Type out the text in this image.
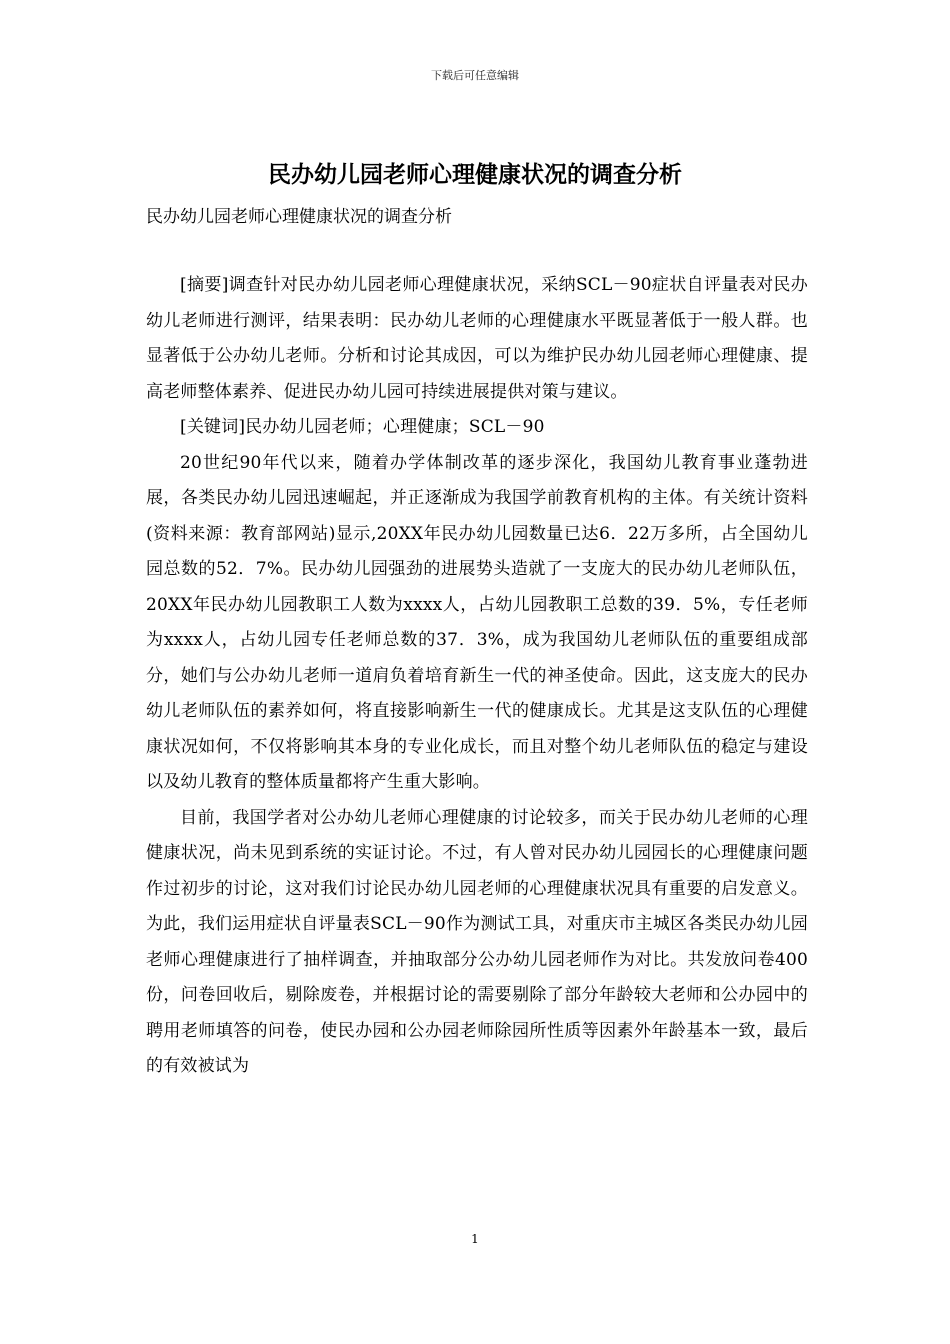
下载后可任意编辑
民办幼儿园老师心理健康状况的调查分析

民办幼儿园老师心理健康状况的调查分析

[摘要]调查针对民办幼儿园老师心理健康状况，采纳SCL－90症状自评量表对民办幼儿老师进行测评，结果表明：民办幼儿老师的心理健康水平既显著低于一般人群。也显著低于公办幼儿老师。分析和讨论其成因，可以为维护民办幼儿园老师心理健康、提高老师整体素养、促进民办幼儿园可持续进展提供对策与建议。

[关键词]民办幼儿园老师；心理健康；SCL－90

20世纪90年代以来，随着办学体制改革的逐步深化，我国幼儿教育事业蓬勃进展，各类民办幼儿园迅速崛起，并正逐渐成为我国学前教育机构的主体。有关统计资料(资料来源：教育部网站)显示,20XX年民办幼儿园数量已达6．22万多所，占全国幼儿园总数的52．7%。民办幼儿园强劲的进展势头造就了一支庞大的民办幼儿老师队伍，20XX年民办幼儿园教职工人数为xxxx人，占幼儿园教职工总数的39．5%，专任老师为xxxx人，占幼儿园专任老师总数的37．3%，成为我国幼儿老师队伍的重要组成部分，她们与公办幼儿老师一道肩负着培育新生一代的神圣使命。因此，这支庞大的民办幼儿老师队伍的素养如何，将直接影响新生一代的健康成长。尤其是这支队伍的心理健康状况如何，不仅将影响其本身的专业化成长，而且对整个幼儿老师队伍的稳定与建设以及幼儿教育的整体质量都将产生重大影响。

目前，我国学者对公办幼儿老师心理健康的讨论较多，而关于民办幼儿老师的心理健康状况，尚未见到系统的实证讨论。不过，有人曾对民办幼儿园园长的心理健康问题作过初步的讨论，这对我们讨论民办幼儿园老师的心理健康状况具有重要的启发意义。为此，我们运用症状自评量表SCL－90作为测试工具，对重庆市主城区各类民办幼儿园老师心理健康进行了抽样调查，并抽取部分公办幼儿园老师作为对比。共发放问卷400份，问卷回收后，剔除废卷，并根据讨论的需要剔除了部分年龄较大老师和公办园中的聘用老师填答的问卷，使民办园和公办园老师除园所性质等因素外年龄基本一致，最后的有效被试为

1
